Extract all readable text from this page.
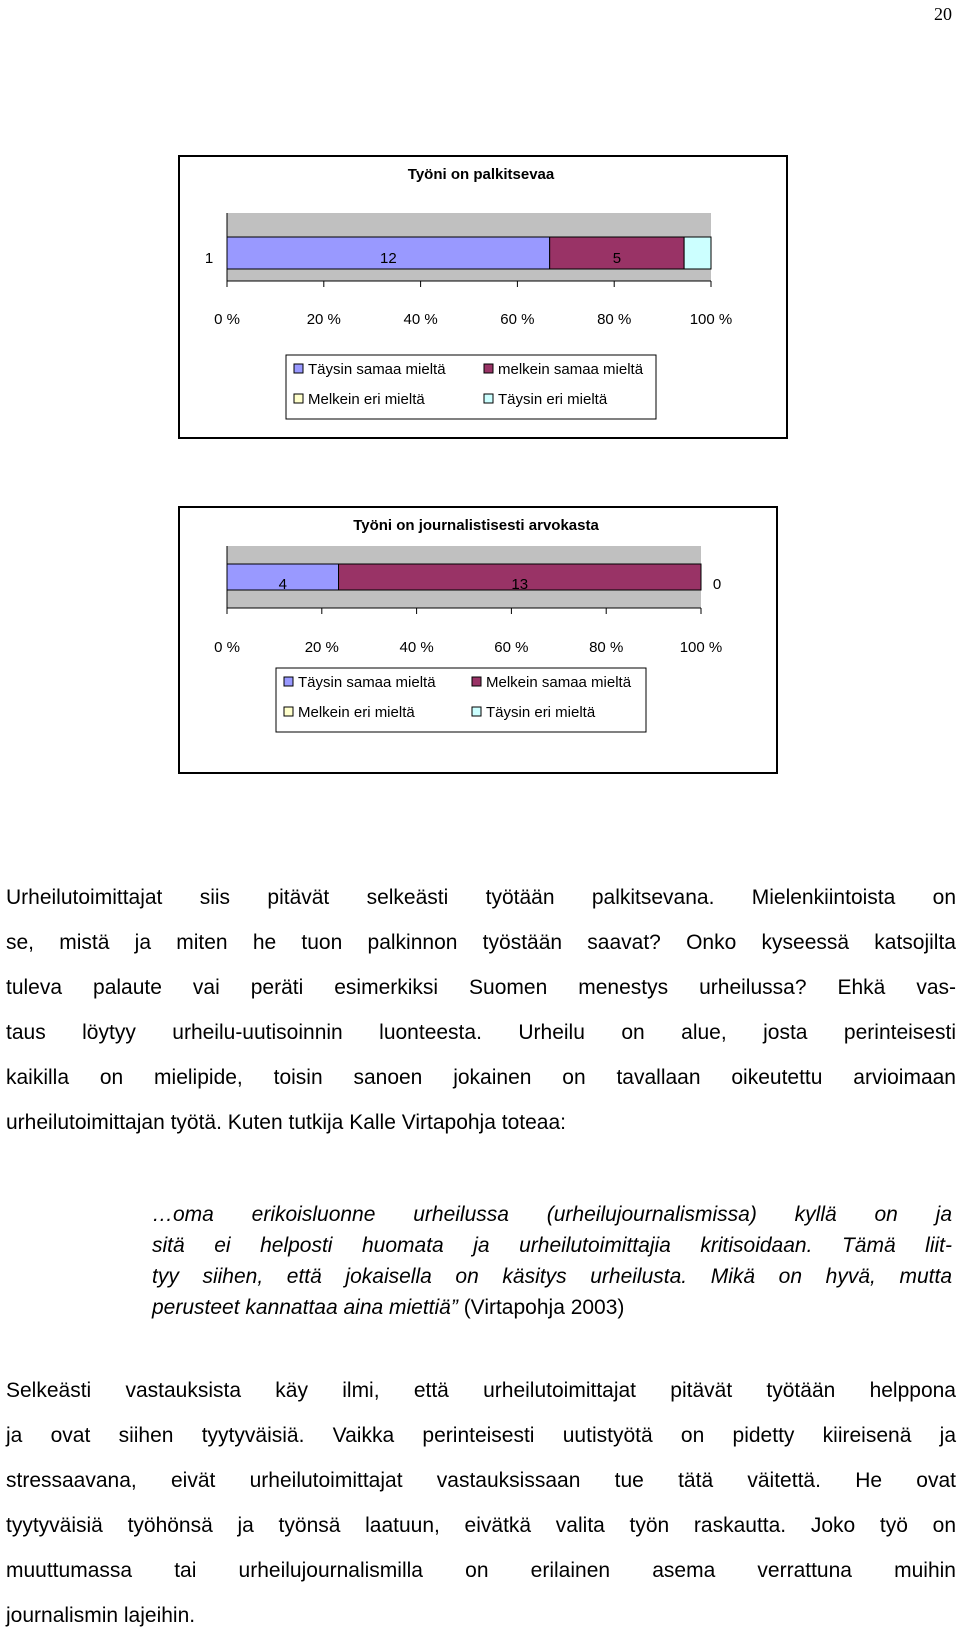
20
Työni on palkitsevaa
12	5
1
0 %	20 %	40 %	60 %	80 %	100 %
Täysin samaa mieltä	melkein samaa mieltä
Melkein eri mieltä	Täysin eri mieltä
Työni on journalistisesti arvokasta
4	13	0
0 %	20 %	40 %	60 %	80 %	100 %
Täysin samaa mieltä	Melkein samaa mieltä
Melkein eri mieltä	Täysin eri mieltä
Urheilutoimittajat siis pitävät selkeästi työtään palkitsevana. Mielenkiintoista on
se, mistä ja miten he tuon palkinnon työstään saavat? Onko kyseessä katsojilta
tuleva palaute vai peräti esimerkiksi Suomen menestys urheilussa? Ehkä vas-
taus löytyy urheilu-uutisoinnin luonteesta. Urheilu on alue, josta perinteisesti
kaikilla on mielipide, toisin sanoen jokainen on tavallaan oikeutettu arvioimaan
urheilutoimittajan työtä. Kuten tutkija Kalle Virtapohja toteaa:
…oma erikoisluonne urheilussa (urheilujournalismissa) kyllä on ja
sitä ei helposti huomata ja urheilutoimittajia kritisoidaan. Tämä liit-
tyy siihen, että jokaisella on käsitys urheilusta. Mikä on hyvä, mutta
perusteet kannattaa aina miettiä” (Virtapohja 2003)
Selkeästi vastauksista käy ilmi, että urheilutoimittajat pitävät työtään helppona
ja ovat siihen tyytyväisiä. Vaikka perinteisesti uutistyötä on pidetty kiireisenä ja
stressaavana, eivät urheilutoimittajat vastauksissaan tue tätä väitettä. He ovat
tyytyväisiä työhönsä ja työnsä laatuun, eivätkä valita työn raskautta. Joko työ on
muuttumassa tai urheilujournalismilla on erilainen asema verrattuna muihin
journalismin lajeihin.
